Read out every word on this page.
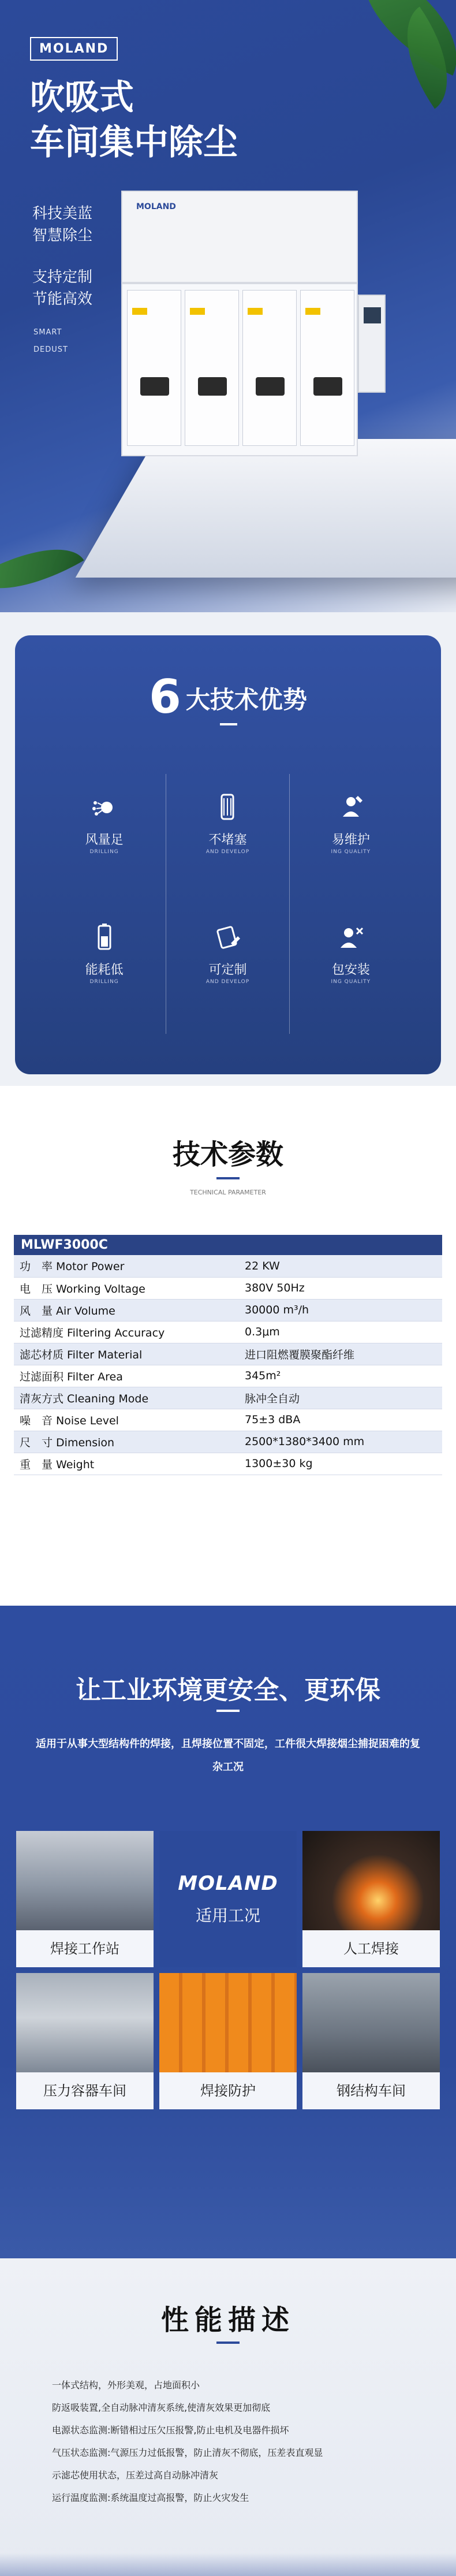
MOLAND
吹吸式
车间集中除尘
科技美蓝
智慧除尘
支持定制
节能高效
SMART
DEDUST
MOLAND
6 大技术优势
风量足
DRILLING
不堵塞
AND DEVELOP
易维护
ING QUALITY
能耗低
DRILLING
可定制
AND DEVELOP
包安装
ING QUALITY
技术参数
TECHNICAL PARAMETER
MLWF3000C
功　率 Motor Power	22 KW
电　压 Working Voltage	380V 50Hz
风　量 Air Volume	30000 m³/h
过滤精度 Filtering Accuracy	0.3μm
滤芯材质 Filter Material	进口阻燃覆膜聚酯纤维
过滤面积 Filter Area	345m²
清灰方式 Cleaning Mode	脉冲全自动
噪　音 Noise Level	75±3 dBA
尺　寸 Dimension	2500*1380*3400 mm
重　量 Weight	1300±30 kg
让工业环境更安全、更环保
适用于从事大型结构件的焊接，且焊接位置不固定，工件很大焊接烟尘捕捉困难的复杂工况
焊接工作站
MOLAND
适用工况
人工焊接
压力容器车间	焊接防护	钢结构车间
性能描述
一体式结构，外形美观，占地面积小
防返吸装置,全自动脉冲清灰系统,使清灰效果更加彻底
电源状态监测:断错相过压欠压报警,防止电机及电器件损坏
气压状态监测:气源压力过低报警，防止清灰不彻底，压差表直观显
示滤芯使用状态，压差过高自动脉冲清灰
运行温度监测:系统温度过高报警，防止火灾发生
